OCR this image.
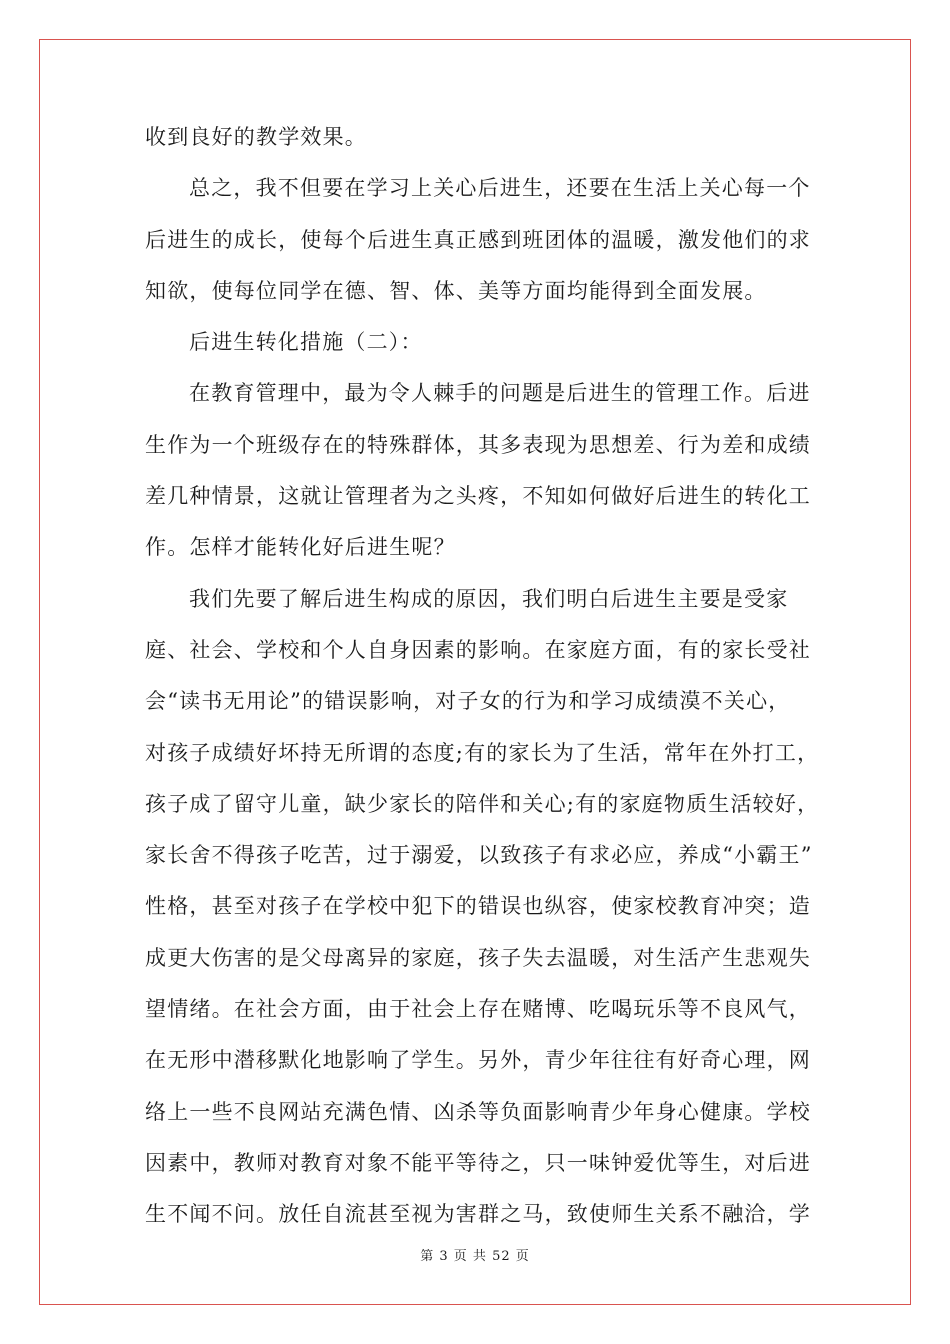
收到良好的教学效果。
总之，我不但要在学习上关心后进生，还要在生活上关心每一个
后进生的成长，使每个后进生真正感到班团体的温暖，激发他们的求
知欲，使每位同学在德、智、体、美等方面均能得到全面发展。
后进生转化措施（二）：
在教育管理中，最为令人棘手的问题是后进生的管理工作。后进
生作为一个班级存在的特殊群体，其多表现为思想差、行为差和成绩
差几种情景，这就让管理者为之头疼，不知如何做好后进生的转化工
作。怎样才能转化好后进生呢？
我们先要了解后进生构成的原因，我们明白后进生主要是受家
庭、社会、学校和个人自身因素的影响。在家庭方面，有的家长受社
会“读书无用论”的错误影响，对子女的行为和学习成绩漠不关心，
对孩子成绩好坏持无所谓的态度;有的家长为了生活，常年在外打工，
孩子成了留守儿童，缺少家长的陪伴和关心;有的家庭物质生活较好，
家长舍不得孩子吃苦，过于溺爱，以致孩子有求必应，养成“小霸王”
性格，甚至对孩子在学校中犯下的错误也纵容，使家校教育冲突；造
成更大伤害的是父母离异的家庭，孩子失去温暖，对生活产生悲观失
望情绪。在社会方面，由于社会上存在赌博、吃喝玩乐等不良风气，
在无形中潜移默化地影响了学生。另外，青少年往往有好奇心理，网
络上一些不良网站充满色情、凶杀等负面影响青少年身心健康。学校
因素中，教师对教育对象不能平等待之，只一味钟爱优等生，对后进
生不闻不问。放任自流甚至视为害群之马，致使师生关系不融洽，学
第 3 页 共 52 页
